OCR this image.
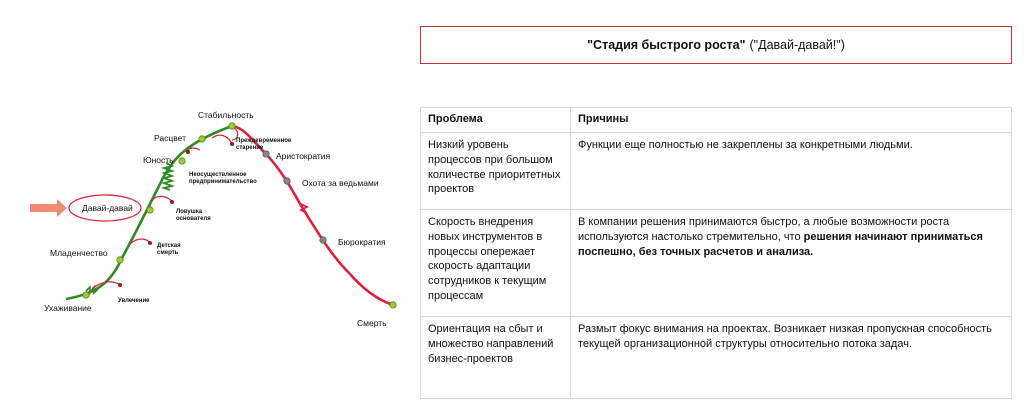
"Стадия быстрого роста" ("Давай-давай!")
Ухаживание
Младенчество
Давай-давай
Юность
Расцвет
Стабильность
Аристократия
Охота за ведьмами
Бюрократия
Смерть
Увлечение
Детская
смерть
Ловушка
основателя
Неосуществленное
предпринимательство
Преждевременное
старение
Проблема	Причины
Низкий уровень процессов при большом количестве приоритетных проектов	Функции еще полностью не закреплены за конкретными людьми.
Скорость внедрения новых инструментов в процессы опережает скорость адаптации сотрудников к текущим процессам	В компании решения принимаются быстро, а любые возможности роста используются настолько стремительно, что решения начинают приниматься поспешно, без точных расчетов и анализа.
Ориентация на сбыт и множество направлений бизнес-проектов	Размыт фокус внимания на проектах. Возникает низкая пропускная способность текущей организационной структуры относительно потока задач.
